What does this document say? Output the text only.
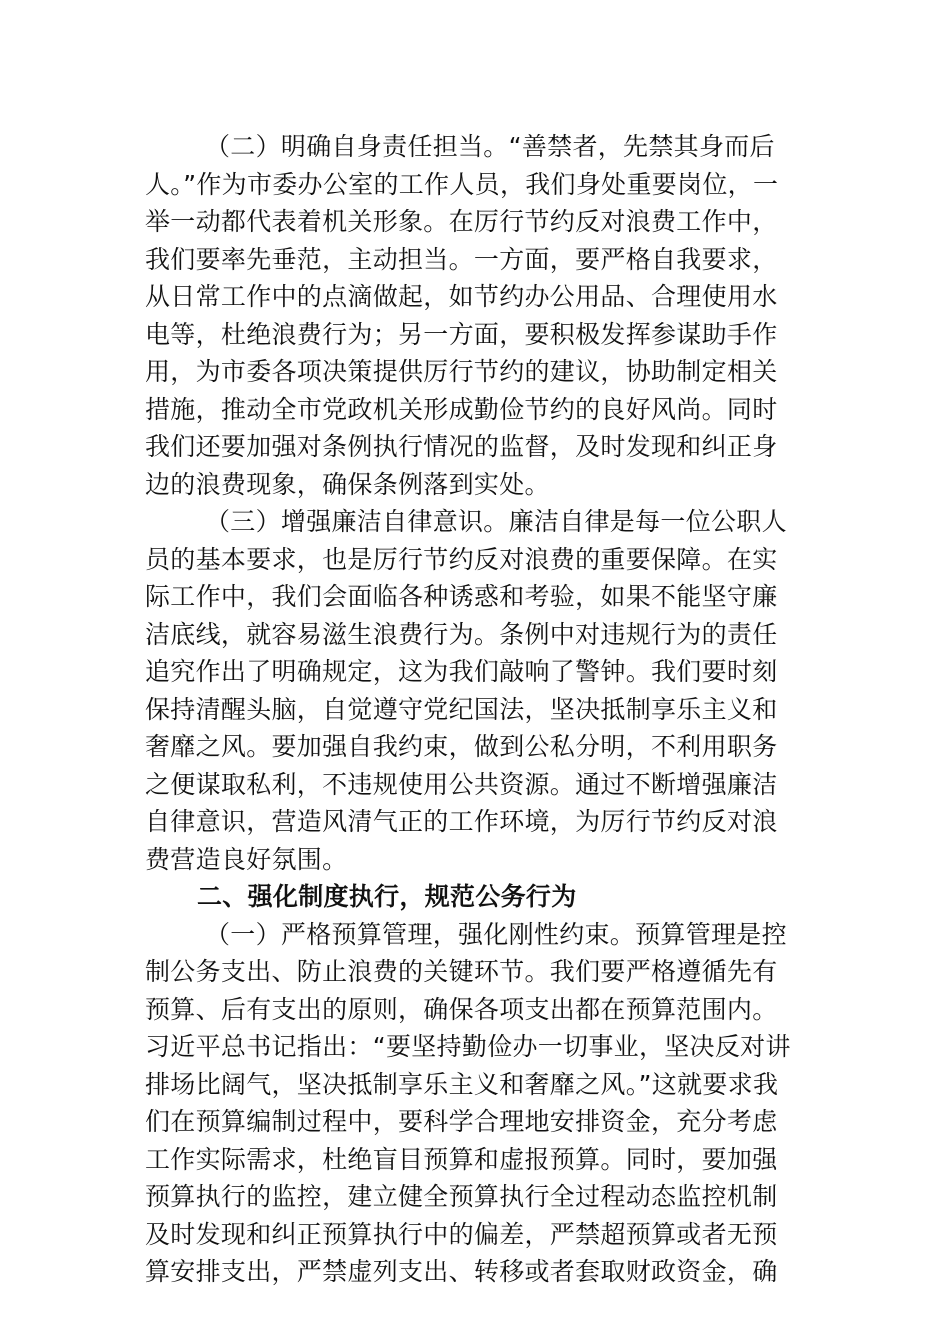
（二）明确自身责任担当。“善禁者，先禁其身而后
人。”作为市委办公室的工作人员，我们身处重要岗位，一
举一动都代表着机关形象。在厉行节约反对浪费工作中，
我们要率先垂范，主动担当。一方面，要严格自我要求，
从日常工作中的点滴做起，如节约办公用品、合理使用水
电等，杜绝浪费行为；另一方面，要积极发挥参谋助手作
用，为市委各项决策提供厉行节约的建议，协助制定相关
措施，推动全市党政机关形成勤俭节约的良好风尚。同时
我们还要加强对条例执行情况的监督，及时发现和纠正身
边的浪费现象，确保条例落到实处。
（三）增强廉洁自律意识。廉洁自律是每一位公职人
员的基本要求，也是厉行节约反对浪费的重要保障。在实
际工作中，我们会面临各种诱惑和考验，如果不能坚守廉
洁底线，就容易滋生浪费行为。条例中对违规行为的责任
追究作出了明确规定，这为我们敲响了警钟。我们要时刻
保持清醒头脑，自觉遵守党纪国法，坚决抵制享乐主义和
奢靡之风。要加强自我约束，做到公私分明，不利用职务
之便谋取私利，不违规使用公共资源。通过不断增强廉洁
自律意识，营造风清气正的工作环境，为厉行节约反对浪
费营造良好氛围。
二、强化制度执行，规范公务行为
（一）严格预算管理，强化刚性约束。预算管理是控
制公务支出、防止浪费的关键环节。我们要严格遵循先有
预算、后有支出的原则，确保各项支出都在预算范围内。
习近平总书记指出：“要坚持勤俭办一切事业，坚决反对讲
排场比阔气，坚决抵制享乐主义和奢靡之风。”这就要求我
们在预算编制过程中，要科学合理地安排资金，充分考虑
工作实际需求，杜绝盲目预算和虚报预算。同时，要加强
预算执行的监控，建立健全预算执行全过程动态监控机制
及时发现和纠正预算执行中的偏差，严禁超预算或者无预
算安排支出，严禁虚列支出、转移或者套取财政资金，确
